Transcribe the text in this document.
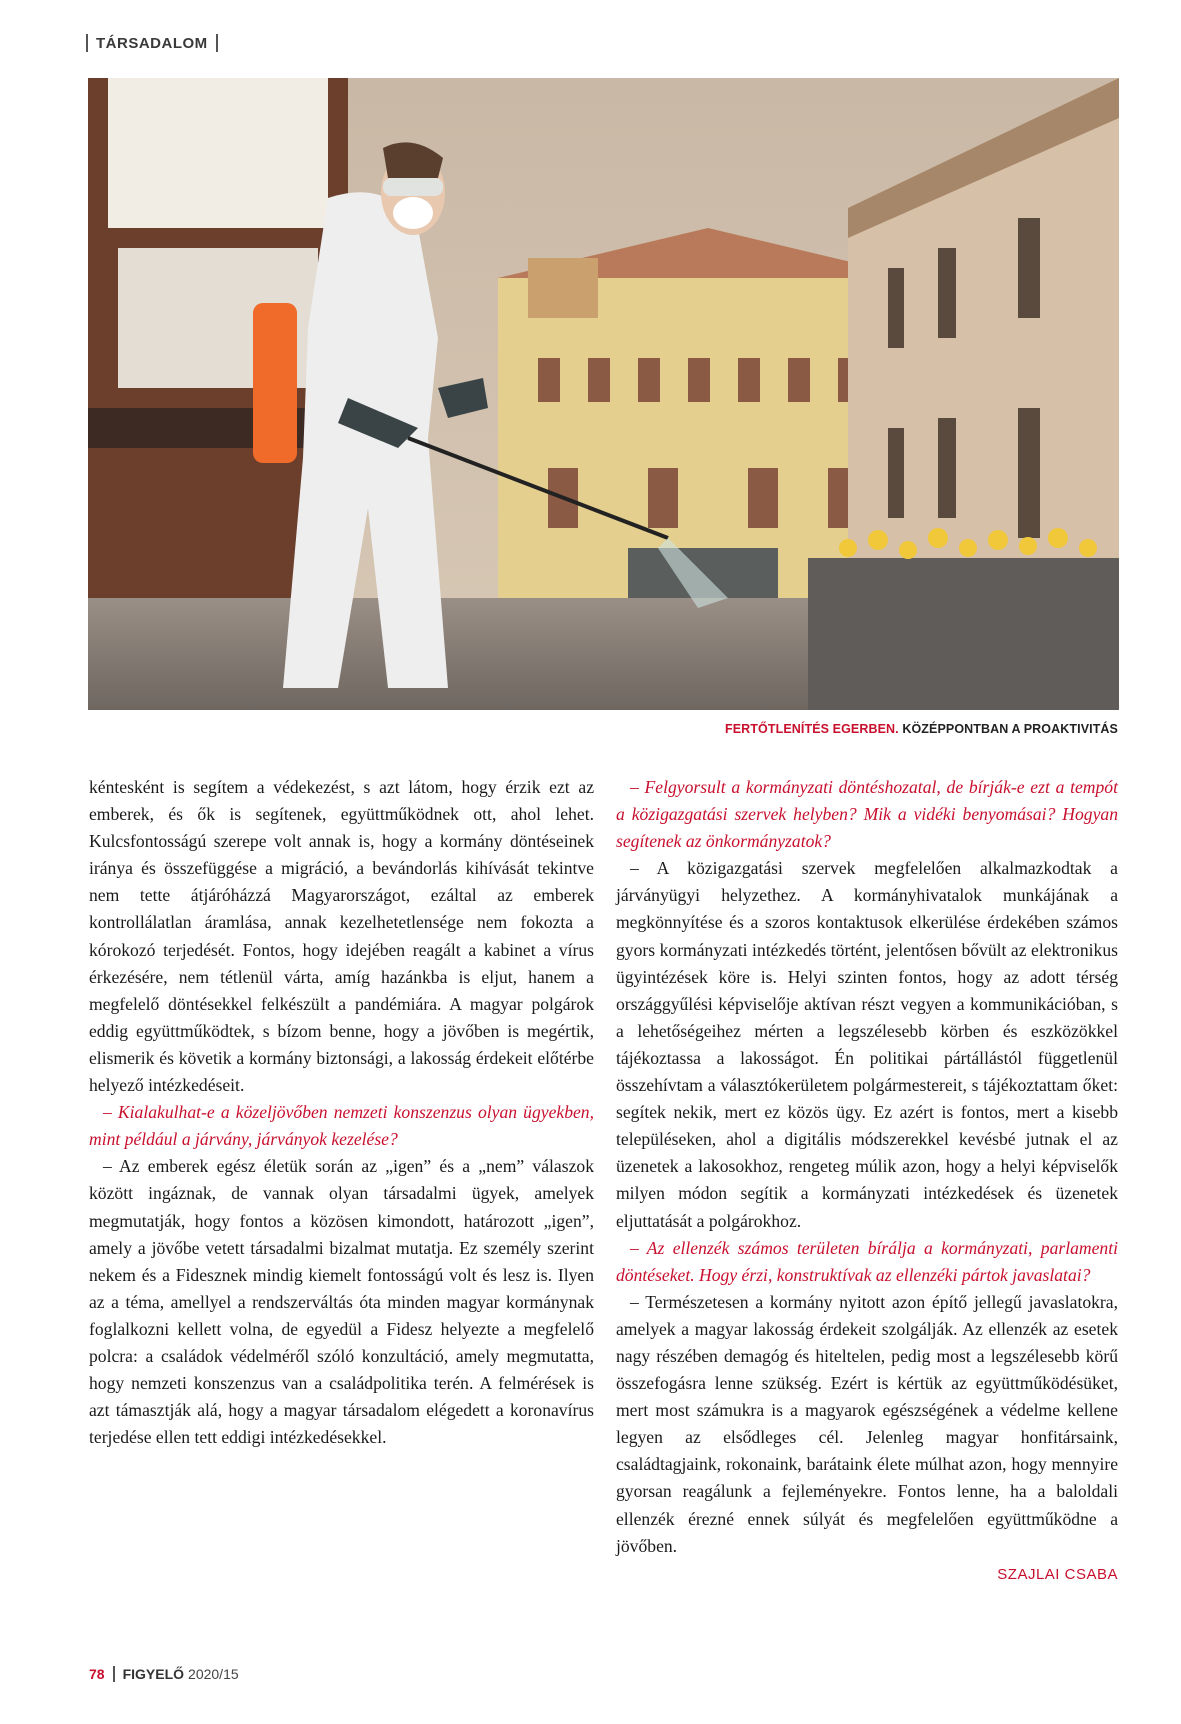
TÁRSADALOM
FERTŐTLENÍTÉS EGERBEN. KÖZÉPPONTBAN A PROAKTIVITÁS

kéntesként is segítem a védekezést, s azt látom, hogy érzik ezt az emberek, és ők is segítenek, együttműködnek ott, ahol lehet. Kulcsfontosságú szerepe volt annak is, hogy a kormány döntéseinek iránya és összefüggése a migráció, a bevándorlás kihívását tekintve nem tette átjáróházzá Magyarországot, ezáltal az emberek kontrollálatlan áramlása, annak kezelhetetlensége nem fokozta a kórokozó terjedését. Fontos, hogy idejében reagált a kabinet a vírus érkezésére, nem tétlenül várta, amíg hazánkba is eljut, hanem a megfelelő döntésekkel felkészült a pandémiára. A magyar polgárok eddig együttműködtek, s bízom benne, hogy a jövőben is megértik, elismerik és követik a kormány biztonsági, a lakosság érdekeit előtérbe helyező intézkedéseit.

– Kialakulhat-e a közeljövőben nemzeti konszenzus olyan ügyekben, mint például a járvány, járványok kezelése?

– Az emberek egész életük során az „igen” és a „nem” válaszok között ingáznak, de vannak olyan társadalmi ügyek, amelyek megmutatják, hogy fontos a közösen kimondott, határozott „igen”, amely a jövőbe vetett társadalmi bizalmat mutatja. Ez személy szerint nekem és a Fidesznek mindig kiemelt fontosságú volt és lesz is. Ilyen az a téma, amellyel a rendszerváltás óta minden magyar kormánynak foglalkozni kellett volna, de egyedül a Fidesz helyezte a megfelelő polcra: a családok védelméről szóló konzultáció, amely megmutatta, hogy nemzeti konszenzus van a családpolitika terén. A felmérések is azt támasztják alá, hogy a magyar társadalom elégedett a koronavírus terjedése ellen tett eddigi intézkedésekkel.

– Felgyorsult a kormányzati döntéshozatal, de bírják-e ezt a tempót a közigazgatási szervek helyben? Mik a vidéki benyomásai? Hogyan segítenek az önkormányzatok?

– A közigazgatási szervek megfelelően alkalmazkodtak a járványügyi helyzethez. A kormányhivatalok munkájának a megkönnyítése és a szoros kontaktusok elkerülése érdekében számos gyors kormányzati intézkedés történt, jelentősen bővült az elektronikus ügyintézések köre is. Helyi szinten fontos, hogy az adott térség országgyűlési képviselője aktívan részt vegyen a kommunikációban, s a lehetőségeihez mérten a legszélesebb körben és eszközökkel tájékoztassa a lakosságot. Én politikai pártállástól függetlenül összehívtam a választókerületem polgármestereit, s tájékoztattam őket: segítek nekik, mert ez közös ügy. Ez azért is fontos, mert a kisebb településeken, ahol a digitális módszerekkel kevésbé jutnak el az üzenetek a lakosokhoz, rengeteg múlik azon, hogy a helyi képviselők milyen módon segítik a kormányzati intézkedések és üzenetek eljuttatását a polgárokhoz.

– Az ellenzék számos területen bírálja a kormányzati, parlamenti döntéseket. Hogy érzi, konstruktívak az ellenzéki pártok javaslatai?

– Természetesen a kormány nyitott azon építő jellegű javaslatokra, amelyek a magyar lakosság érdekeit szolgálják. Az ellenzék az esetek nagy részében demagóg és hiteltelen, pedig most a legszélesebb körű összefogásra lenne szükség. Ezért is kértük az együttműködésüket, mert most számukra is a magyarok egészségének a védelme kellene legyen az elsődleges cél. Jelenleg magyar honfitársaink, családtagjaink, rokonaink, barátaink élete múlhat azon, hogy mennyire gyorsan reagálunk a fejleményekre. Fontos lenne, ha a baloldali ellenzék érezné ennek súlyát és megfelelően együttműködne a jövőben.

SZAJLAI CSABA
78 FIGYELŐ 2020/15
